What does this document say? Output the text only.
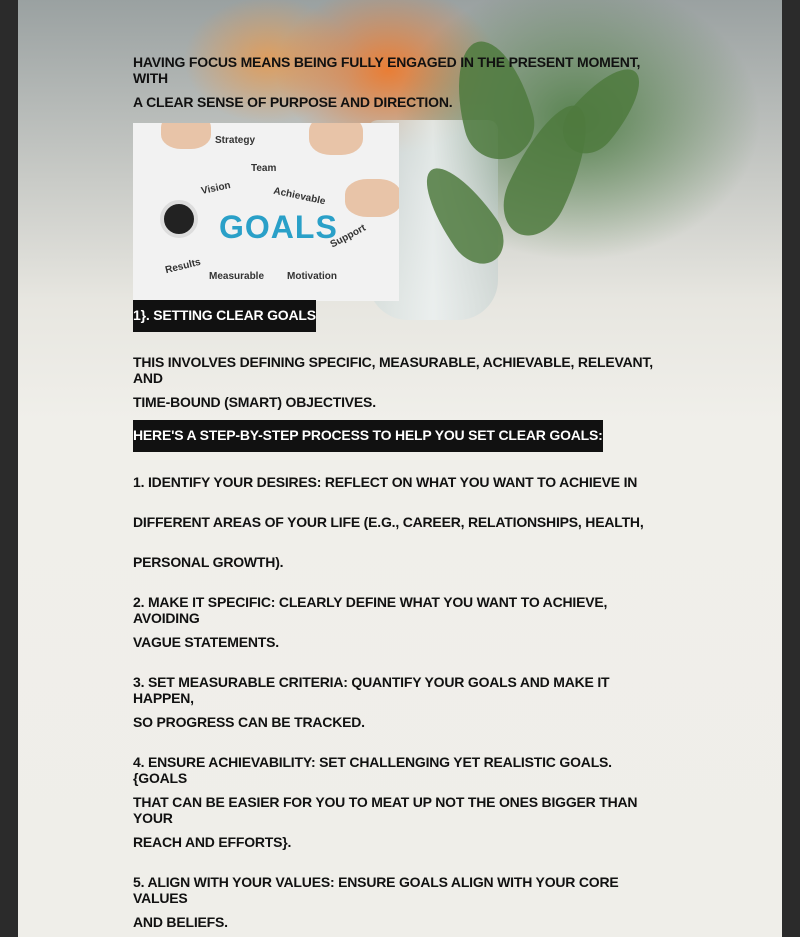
HAVING FOCUS MEANS BEING FULLY ENGAGED IN THE PRESENT MOMENT, WITH
A CLEAR SENSE OF PURPOSE AND DIRECTION.
Strategy
Team
Vision	Achievable
GOALS
Support
Results
Measurable Motivation
1}. SETTING CLEAR GOALS
THIS INVOLVES DEFINING SPECIFIC, MEASURABLE, ACHIEVABLE, RELEVANT, AND
TIME-BOUND (SMART) OBJECTIVES.
HERE'S A STEP-BY-STEP PROCESS TO HELP YOU SET CLEAR GOALS:
1. IDENTIFY YOUR DESIRES: REFLECT ON WHAT YOU WANT TO ACHIEVE IN
DIFFERENT AREAS OF YOUR LIFE (E.G., CAREER, RELATIONSHIPS, HEALTH,
PERSONAL GROWTH).
2. MAKE IT SPECIFIC: CLEARLY DEFINE WHAT YOU WANT TO ACHIEVE, AVOIDING
VAGUE STATEMENTS.
3. SET MEASURABLE CRITERIA: QUANTIFY YOUR GOALS AND MAKE IT HAPPEN,
SO PROGRESS CAN BE TRACKED.
4. ENSURE ACHIEVABILITY: SET CHALLENGING YET REALISTIC GOALS. {GOALS
THAT CAN BE EASIER FOR YOU TO MEAT UP NOT THE ONES BIGGER THAN YOUR
REACH AND EFFORTS}.
5. ALIGN WITH YOUR VALUES: ENSURE GOALS ALIGN WITH YOUR CORE VALUES
AND BELIEFS.
